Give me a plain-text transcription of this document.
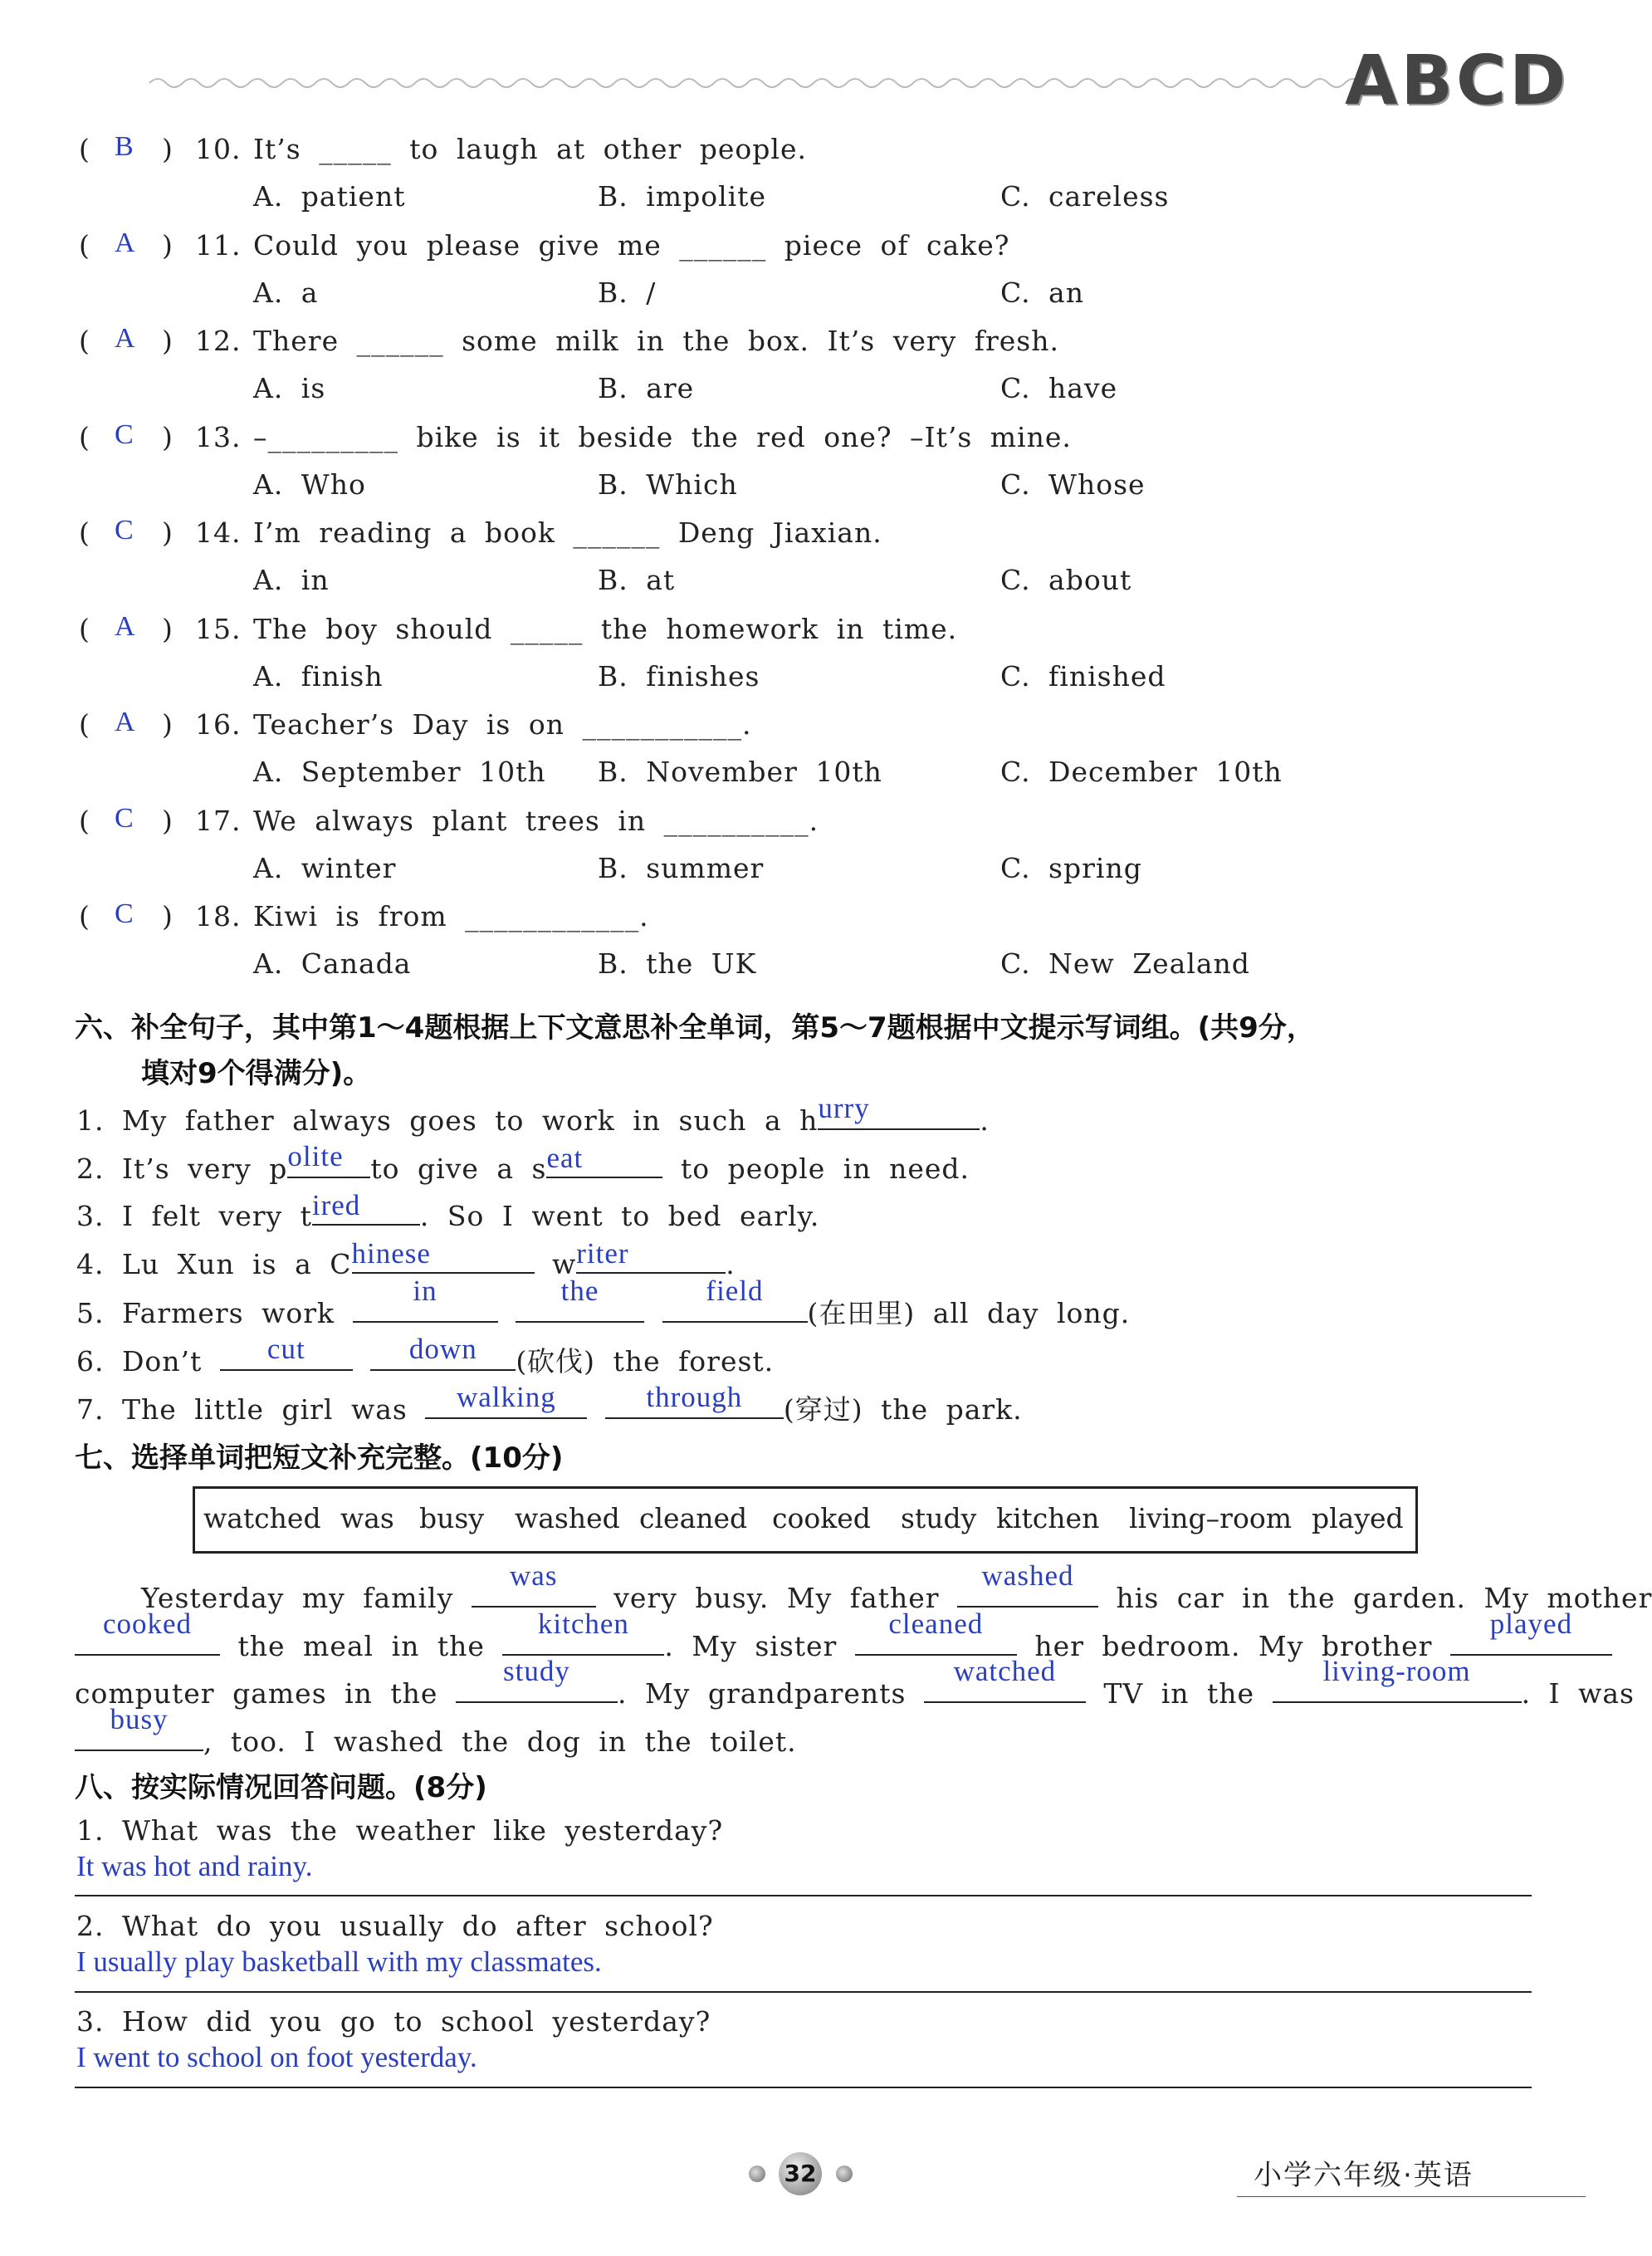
ABCD
( B ) 10. It’s _____ to laugh at other people.
A. patient	B. impolite	C. careless
( A ) 11. Could you please give me ______ piece of cake?
A. a	B. /	C. an
( A ) 12. There ______ some milk in the box. It’s very fresh.
A. is	B. are	C. have
( C ) 13. –_________ bike is it beside the red one? –It’s mine.
A. Who	B. Which	C. Whose
( C ) 14. I’m reading a book ______ Deng Jiaxian.
A. in	B. at	C. about
( A ) 15. The boy should _____ the homework in time.
A. finish	B. finishes	C. finished
( A ) 16. Teacher’s Day is on ___________.
A. September 10th B. November 10th	C. December 10th
( C ) 17. We always plant trees in __________.
A. winter	B. summer	C. spring
( C ) 18. Kiwi is from ____________.
A. Canada	B. the UK	C. New Zealand
六、补全句子，其中第1～4题根据上下文意思补全单词，第5～7题根据中文提示写词组。(共9分，
填对9个得满分)。
1. My father always goes to work in such a h urry	.
2. It’s very p olite to give a s eat	to people in need.
3. I felt very t ired . So I went to bed early.
4. Lu Xun is a C hinese	w riter	.
5. Farmers work
in
	the
	field
(在田里) all day long.
6. Don’t	cut
	down	(砍伐) the forest.
7. The little girl was	walking
	through	(穿过) the park.
七、选择单词把短文补充完整。(10分)
watched was busy washed cleaned cooked study kitchen living–room played
Yesterday my family
was
very busy. My father
washed
his car in the garden. My mother
cooked
the meal in the
kitchen
. My sister
cleaned
her bedroom. My brother
played
computer games in the
study
. My grandparents
watched
TV in the
living-room
. I was
busy
, too. I washed the dog in the toilet.
八、按实际情况回答问题。(8分)
1. What was the weather like yesterday?
It was hot and rainy.
2. What do you usually do after school?
I usually play basketball with my classmates.
3. How did you go to school yesterday?
I went to school on foot yesterday.
32	小学六年级·英语
